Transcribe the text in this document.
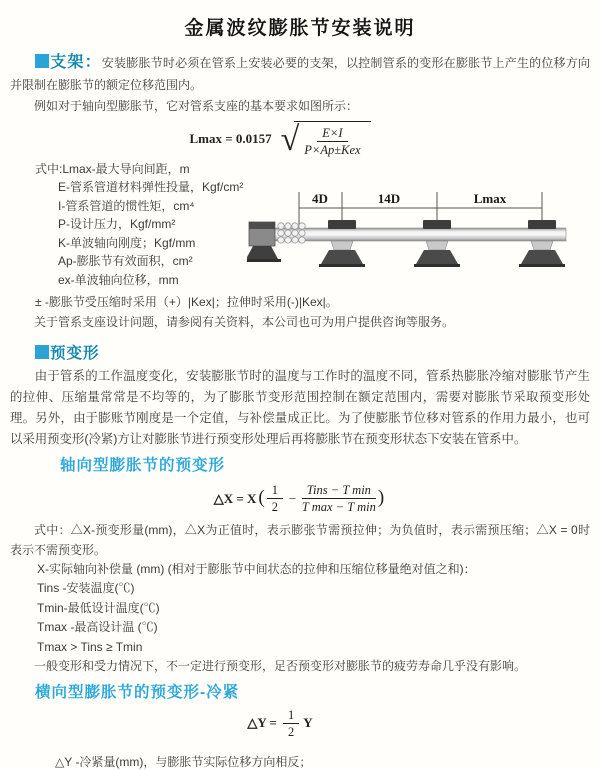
金属波纹膨胀节安装说明

支架：安装膨胀节时必须在管系上安装必要的支架，以控制管系的变形在膨胀节上产生的位移方向并限制在膨胀节的额定位移范围内。

例如对于轴向型膨胀节，它对管系支座的基本要求如图所示：

Lmax = 0.0157 √ $\frac{E\times I}{\text{P×Ap±Kex}}$
式中:Lmax-最大导向间距，m
E-管系管道材料弹性投量，Kgf/cm²
I-管系管道的惯性矩，cm⁴
P-设计压力，Kgf/mm²
K-单波轴向刚度；Kgf/mm
Ap-膨胀节有效面积，cm²
ex-单波轴向位移，mm
4D	14D	Lmax
± -膨胀节受压缩时采用（+）|Kex|；拉伸时采用(-)|Kex|。
关于管系支座设计问题，请参阅有关资料，本公司也可为用户提供咨询等服务。
预变形

由于管系的工作温度变化，安装膨胀节时的温度与工作时的温度不同，管系热膨胀冷缩对膨胀节产生的拉伸、压缩量常常是不均等的，为了膨胀节变形范围控制在额定范围内，需要对膨胀节采取预变形处理。另外，由于膨账节刚度是一个定值，与补偿量成正比。为了使膨胀节位移对管系的作用力最小，也可以采用预变形(冷紧)方让对膨胀节进行预变形处理后再将膨胀节在预变形状态下安装在管系中。

轴向型膨胀节的预变形
△X = X ( $\frac{1}{2} - \frac{\text{Tins − T min}}{\text{T max − T min}}$ )

式中：△X-预变形量(mm)，△X为正值时，表示膨张节需预拉伸；为负值时，表示需预压缩；△X = 0时表示不需预变形。

X-实际轴向补偿量 (mm) (相对于膨胀节中间状态的拉伸和压缩位移量绝对值之和)：
Tins -安装温度(℃)
Tmin-最低设计温度(℃)
Tmax -最高设计温 (℃)
Tmax > Tins ≥ Tmin
一般变形和受力情况下，不一定进行预变形，足否预变形对膨胀节的疲劳寿命几乎没有影响。
横向型膨胀节的预变形-冷紧
△Y = $\frac{1}{2}$ Y
△Y -冷紧量(mm)，与膨胀节实际位移方向相反；
